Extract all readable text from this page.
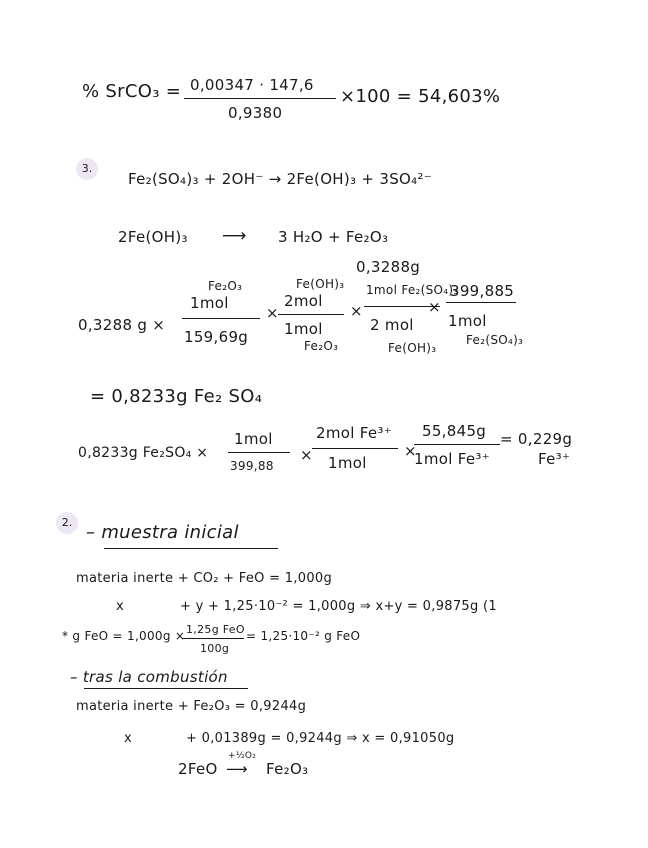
% SrCO₃ = 0,00347 · 147,6
0,9380
×100 = 54,603%
3.
Fe₂(SO₄)₃ + 2OH⁻ → 2Fe(OH)₃ + 3SO₄²⁻
2Fe(OH)₃ ⟶ 3 H₂O + Fe₂O₃
0,3288g
0,3288 g ×
Fe₂O₃
1mol
159,69g
×
Fe(OH)₃
2mol
1mol
Fe₂O₃
×
1mol Fe₂(SO₄)₃
2 mol
Fe(OH)₃
×
399,885
1mol
Fe₂(SO₄)₃
= 0,8233g Fe₂ SO₄
0,8233g Fe₂SO₄ ×
1mol
399,88
×
2mol Fe³⁺
1mol
×
55,845g
1mol Fe³⁺
= 0,229g
Fe³⁺
2. – muestra inicial
materia inerte + CO₂ + FeO = 1,000g
x	+ y + 1,25·10⁻² = 1,000g ⇒ x+y = 0,9875g (1
* g FeO = 1,000g × 1,25g FeO
100g
= 1,25·10⁻² g FeO
– tras la combustión
materia inerte + Fe₂O₃ = 0,9244g
x	+ 0,01389g = 0,9244g ⇒ x = 0,91050g
2FeO
+½O₂
⟶ Fe₂O₃
